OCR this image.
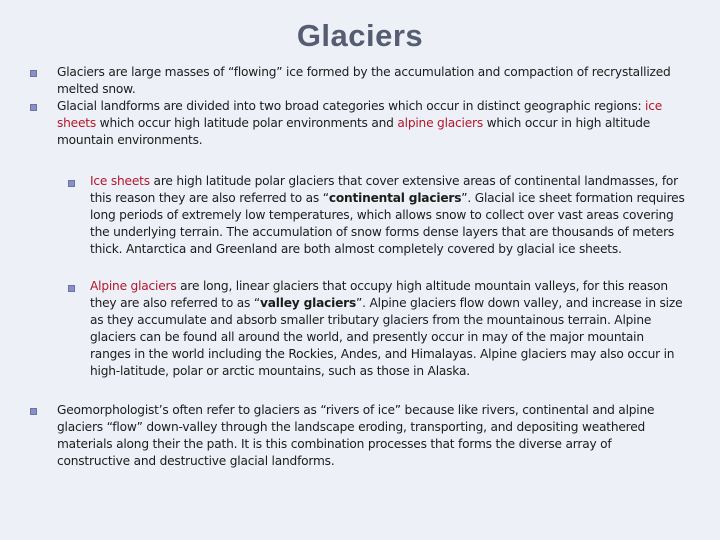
Glaciers
Glaciers are large masses of “flowing” ice formed by the accumulation and compaction of recrystallized melted snow.
Glacial landforms are divided into two broad categories which occur in distinct geographic regions: ice sheets which occur high latitude polar environments and alpine glaciers which occur in high altitude mountain environments.
Ice sheets are high latitude polar glaciers that cover extensive areas of continental landmasses, for this reason they are also referred to as “continental glaciers”. Glacial ice sheet formation requires long periods of extremely low temperatures, which allows snow to collect over vast areas covering the underlying terrain. The accumulation of snow forms dense layers that are thousands of meters thick. Antarctica and Greenland are both almost completely covered by glacial ice sheets.
Alpine glaciers are long, linear glaciers that occupy high altitude mountain valleys, for this reason they are also referred to as “valley glaciers”. Alpine glaciers flow down valley, and increase in size as they accumulate and absorb smaller tributary glaciers from the mountainous terrain. Alpine glaciers can be found all around the world, and presently occur in may of the major mountain ranges in the world including the Rockies, Andes, and Himalayas. Alpine glaciers may also occur in high-latitude, polar or arctic mountains, such as those in Alaska.
Geomorphologist’s often refer to glaciers as “rivers of ice” because like rivers, continental and alpine glaciers “flow” down-valley through the landscape eroding, transporting, and depositing weathered materials along their the path. It is this combination processes that forms the diverse array of constructive and destructive glacial landforms.
